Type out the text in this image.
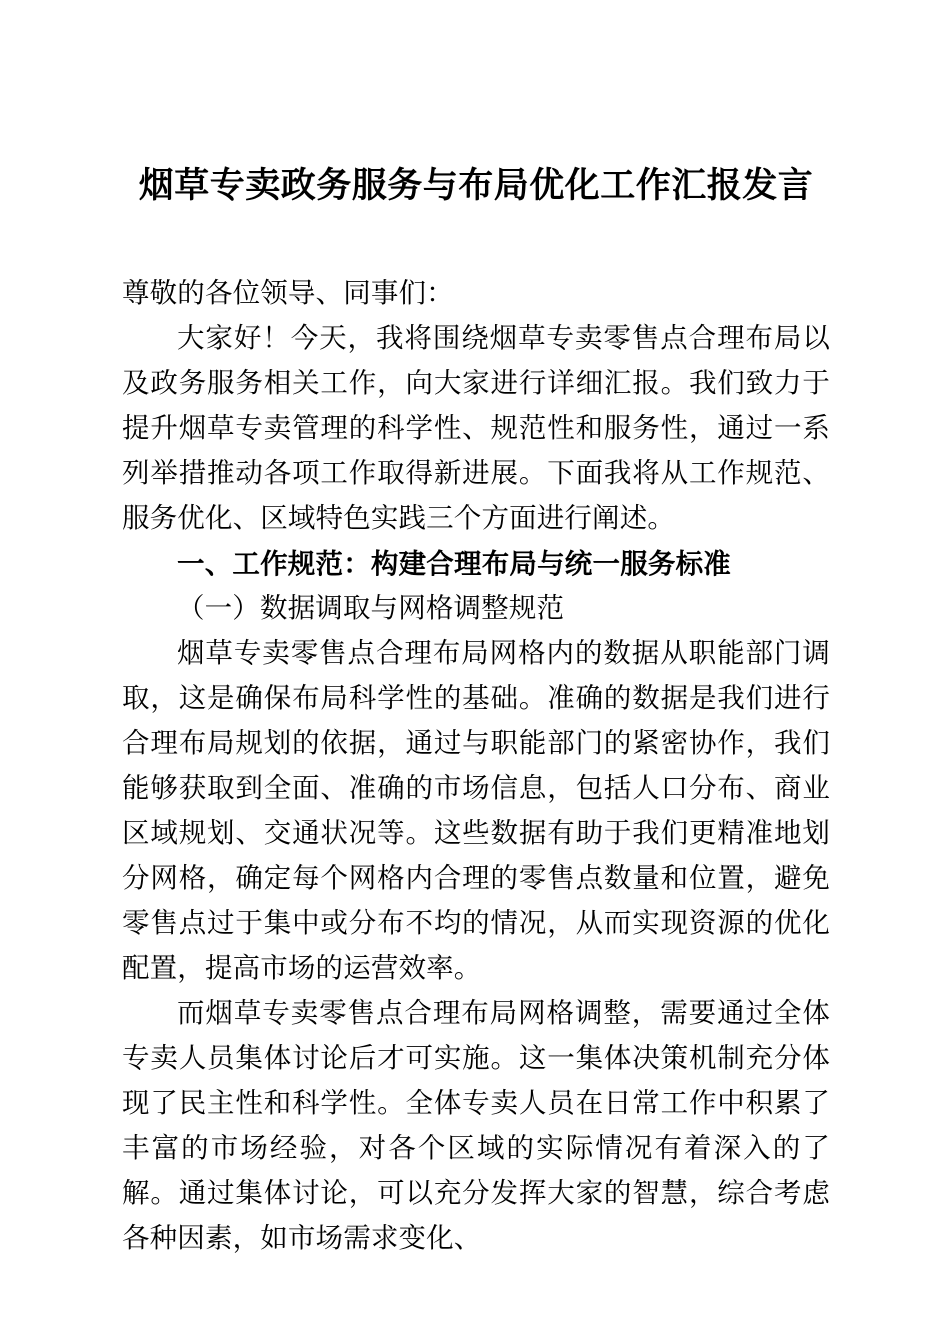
烟草专卖政务服务与布局优化工作汇报发言

尊敬的各位领导、同事们：

大家好！今天，我将围绕烟草专卖零售点合理布局以及政务服务相关工作，向大家进行详细汇报。我们致力于提升烟草专卖管理的科学性、规范性和服务性，通过一系列举措推动各项工作取得新进展。下面我将从工作规范、服务优化、区域特色实践三个方面进行阐述。

一、工作规范：构建合理布局与统一服务标准

（一）数据调取与网格调整规范

烟草专卖零售点合理布局网格内的数据从职能部门调取，这是确保布局科学性的基础。准确的数据是我们进行合理布局规划的依据，通过与职能部门的紧密协作，我们能够获取到全面、准确的市场信息，包括人口分布、商业区域规划、交通状况等。这些数据有助于我们更精准地划分网格，确定每个网格内合理的零售点数量和位置，避免零售点过于集中或分布不均的情况，从而实现资源的优化配置，提高市场的运营效率。

而烟草专卖零售点合理布局网格调整，需要通过全体专卖人员集体讨论后才可实施。这一集体决策机制充分体现了民主性和科学性。全体专卖人员在日常工作中积累了丰富的市场经验，对各个区域的实际情况有着深入的了解。通过集体讨论，可以充分发挥大家的智慧，综合考虑各种因素，如市场需求变化、
